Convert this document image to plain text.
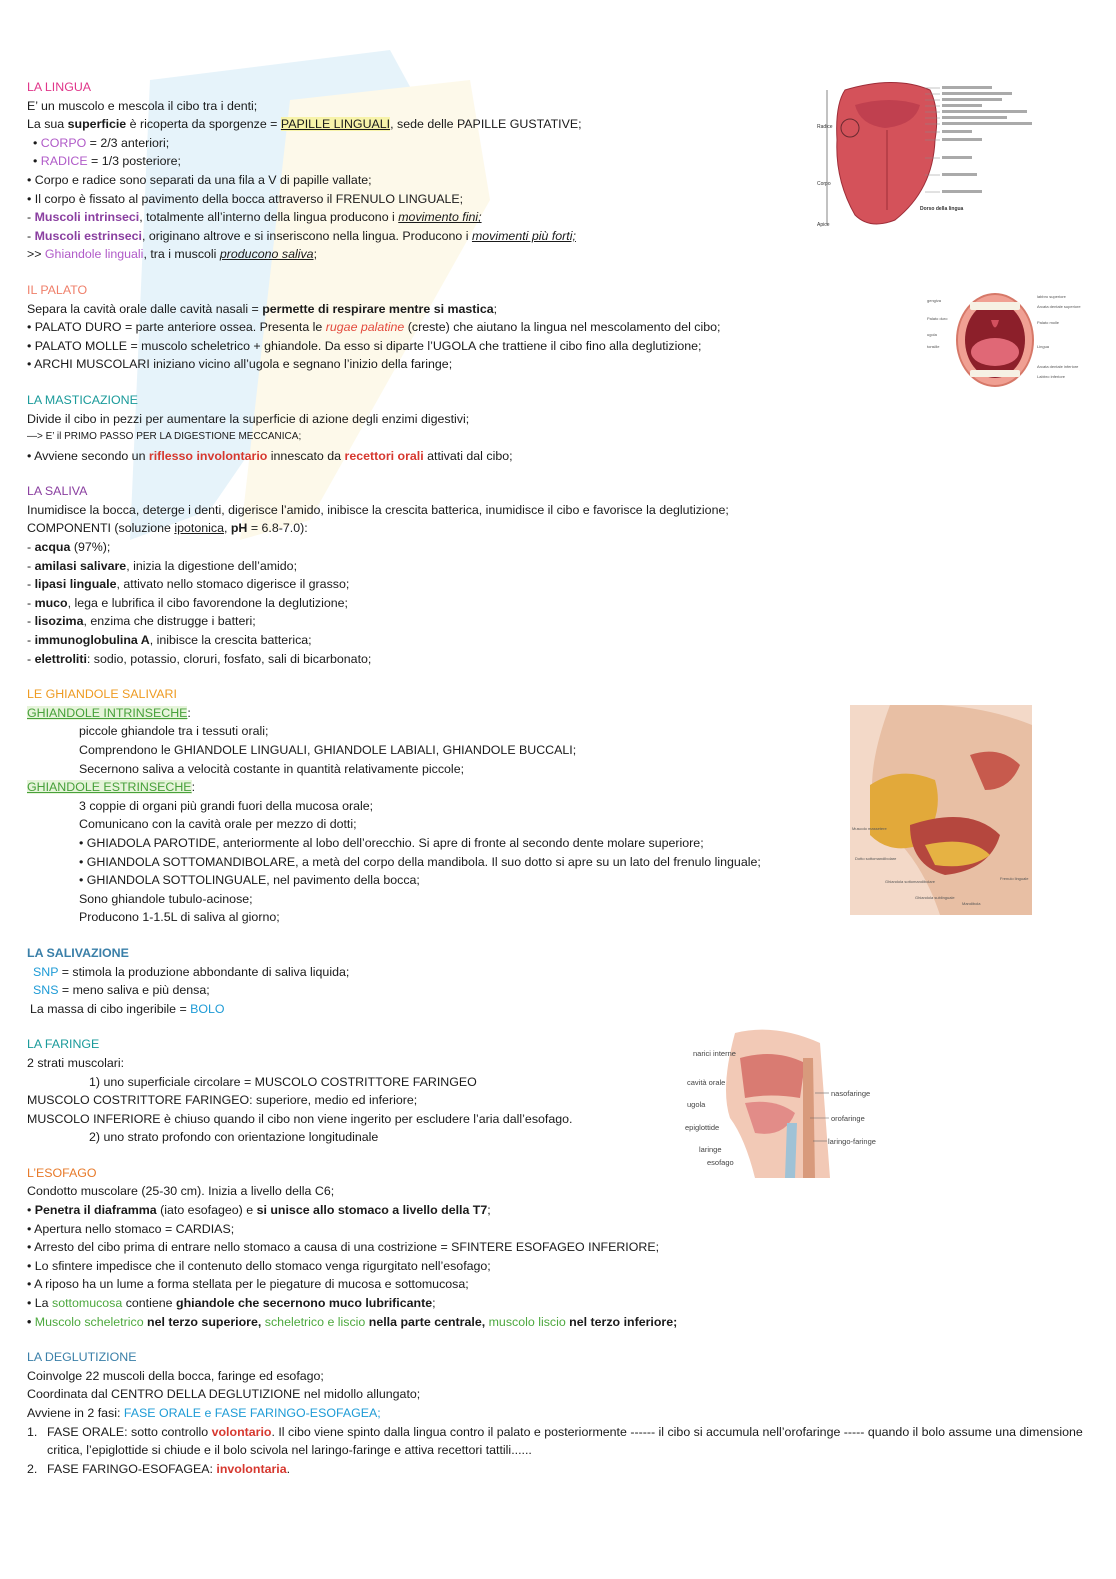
LA LINGUA
E’ un muscolo e mescola il cibo tra i denti;
La sua superficie è ricoperta da sporgenze = PAPILLE LINGUALI, sede delle PAPILLE GUSTATIVE;
• CORPO = 2/3 anteriori;
• RADICE = 1/3 posteriore;
• Corpo e radice sono separati da una fila a V di papille vallate;
• Il corpo è fissato al pavimento della bocca attraverso il FRENULO LINGUALE;
- Muscoli intrinseci, totalmente all’interno della lingua producono i movimento fini;
- Muscoli estrinseci, originano altrove e si inseriscono nella lingua. Producono i movimenti più forti;
>> Ghiandole linguali, tra i muscoli producono saliva;
IL PALATO
Separa la cavità orale dalle cavità nasali = permette di respirare mentre si mastica;
• PALATO DURO = parte anteriore ossea. Presenta le rugae palatine (creste) che aiutano la lingua nel mescolamento del cibo;
• PALATO MOLLE = muscolo scheletrico + ghiandole. Da esso si diparte l’UGOLA che trattiene il cibo fino alla deglutizione;
• ARCHI MUSCOLARI iniziano vicino all’ugola e segnano l’inizio della faringe;
LA MASTICAZIONE
Divide il cibo in pezzi per aumentare la superficie di azione degli enzimi digestivi;
—> E’ il PRIMO PASSO PER LA DIGESTIONE MECCANICA;
• Avviene secondo un riflesso involontario innescato da recettori orali attivati dal cibo;
LA SALIVA
Inumidisce la bocca, deterge i denti, digerisce l’amido, inibisce la crescita batterica, inumidisce il cibo e favorisce la deglutizione;
COMPONENTI (soluzione ipotonica, pH = 6.8-7.0):
- acqua (97%);
- amilasi salivare, inizia la digestione dell’amido;
- lipasi linguale, attivato nello stomaco digerisce il grasso;
- muco, lega e lubrifica il cibo favorendone la deglutizione;
- lisozima, enzima che distrugge i batteri;
- immunoglobulina A, inibisce la crescita batterica;
- elettroliti: sodio, potassio, cloruri, fosfato, sali di bicarbonato;
LE GHIANDOLE SALIVARI
GHIANDOLE INTRINSECHE:
piccole ghiandole tra i tessuti orali;
Comprendono le GHIANDOLE LINGUALI, GHIANDOLE LABIALI, GHIANDOLE BUCCALI;
Secernono saliva a velocità costante in quantità relativamente piccole;
GHIANDOLE ESTRINSECHE:
3 coppie di organi più grandi fuori della mucosa orale;
Comunicano con la cavità orale per mezzo di dotti;
• GHIADOLA PAROTIDE, anteriormente al lobo dell’orecchio. Si apre di fronte al secondo dente molare superiore;
• GHIANDOLA SOTTOMANDIBOLARE, a metà del corpo della mandibola. Il suo dotto si apre su un lato del frenulo linguale;
• GHIANDOLA SOTTOLINGUALE, nel pavimento della bocca;
Sono ghiandole tubulo-acinose;
Producono 1-1.5L di saliva al giorno;
LA SALIVAZIONE
SNP = stimola la produzione abbondante di saliva liquida;
SNS = meno saliva e più densa;
La massa di cibo ingeribile = BOLO
LA FARINGE
2 strati muscolari:
1) uno superficiale circolare = MUSCOLO COSTRITTORE FARINGEO
MUSCOLO COSTRITTORE FARINGEO: superiore, medio ed inferiore;
MUSCOLO INFERIORE è chiuso quando il cibo non viene ingerito per escludere l’aria dall’esofago.
2) uno strato profondo con orientazione longitudinale
L’ESOFAGO
Condotto muscolare (25-30 cm). Inizia a livello della C6;
• Penetra il diaframma (iato esofageo) e si unisce allo stomaco a livello della T7;
• Apertura nello stomaco = CARDIAS;
• Arresto del cibo prima di entrare nello stomaco a causa di una costrizione = SFINTERE ESOFAGEO INFERIORE;
• Lo sfintere impedisce che il contenuto dello stomaco venga rigurgitato nell’esofago;
• A riposo ha un lume a forma stellata per le piegature di mucosa e sottomucosa;
• La sottomucosa contiene ghiandole che secernono muco lubrificante;
• Muscolo scheletrico nel terzo superiore, scheletrico e liscio nella parte centrale, muscolo liscio nel terzo inferiore;
LA DEGLUTIZIONE
Coinvolge 22 muscoli della bocca, faringe ed esofago;
Coordinata dal CENTRO DELLA DEGLUTIZIONE nel midollo allungato;
Avviene in 2 fasi: FASE ORALE e FASE FARINGO-ESOFAGEA;
1. FASE ORALE: sotto controllo volontario. Il cibo viene spinto dalla lingua contro il palato e posteriormente ------ il cibo si accumula nell’orofaringe ----- quando il bolo assume una dimensione critica, l’epiglottide si chiude e il bolo scivola nel laringo-faringe e attiva recettori tattili......
2. FASE FARINGO-ESOFAGEA: involontaria.
Radice
Corpo
Apice
Dorso della lingua
gengiva
Palato duro
ugola
tonsille
labbro superiore
Arcata dentale superiore
Palato molle
Lingua
Arcata dentale inferiore
Labbro inferiore
Muscolo massetere
Dotto sottomandibolare
Ghiandola sottomandibolare
Ghiandola sublinguale
Mandibola
Frenulo linguale
narici interne
cavità orale
ugola
epiglottide
laringe
esofago
nasofaringe
orofaringe
laringo-faringe
